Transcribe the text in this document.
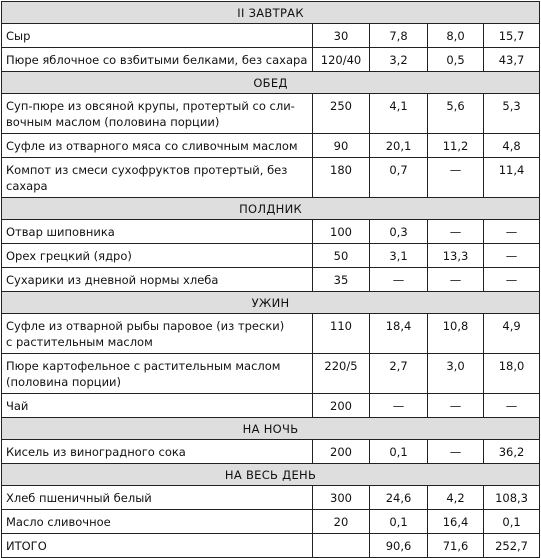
II ЗАВТРАК				
Сыр	30	7,8	8,0	15,7
Пюре яблочное со взбитыми белками, без сахара	120/40	3,2	0,5	43,7
ОБЕД				
Суп-пюре из овсяной крупы, протертый со сли-
вочным маслом (половина порции)	250	4,1	5,6	5,3
Суфле из отварного мяса со сливочным маслом	90	20,1	11,2	4,8
Компот из смеси сухофруктов протертый, без сахара	180	0,7	—	11,4
ПОЛДНИК				
Отвар шиповника	100	0,3	—	—
Орех грецкий (ядро)	50	3,1	13,3	—
Сухарики из дневной нормы хлеба	35	—	—	—
УЖИН				
Суфле из отварной рыбы паровое (из трески)
с растительным маслом	110	18,4	10,8	4,9
Пюре картофельное с растительным маслом
(половина порции)	220/5	2,7	3,0	18,0
Чай	200	—	—	—
НА НОЧЬ				
Кисель из виноградного сока	200	0,1	—	36,2
НА ВЕСЬ ДЕНЬ				
Хлеб пшеничный белый	300	24,6	4,2	108,3
Масло сливочное	20	0,1	16,4	0,1
ИТОГО		90,6	71,6	252,7
